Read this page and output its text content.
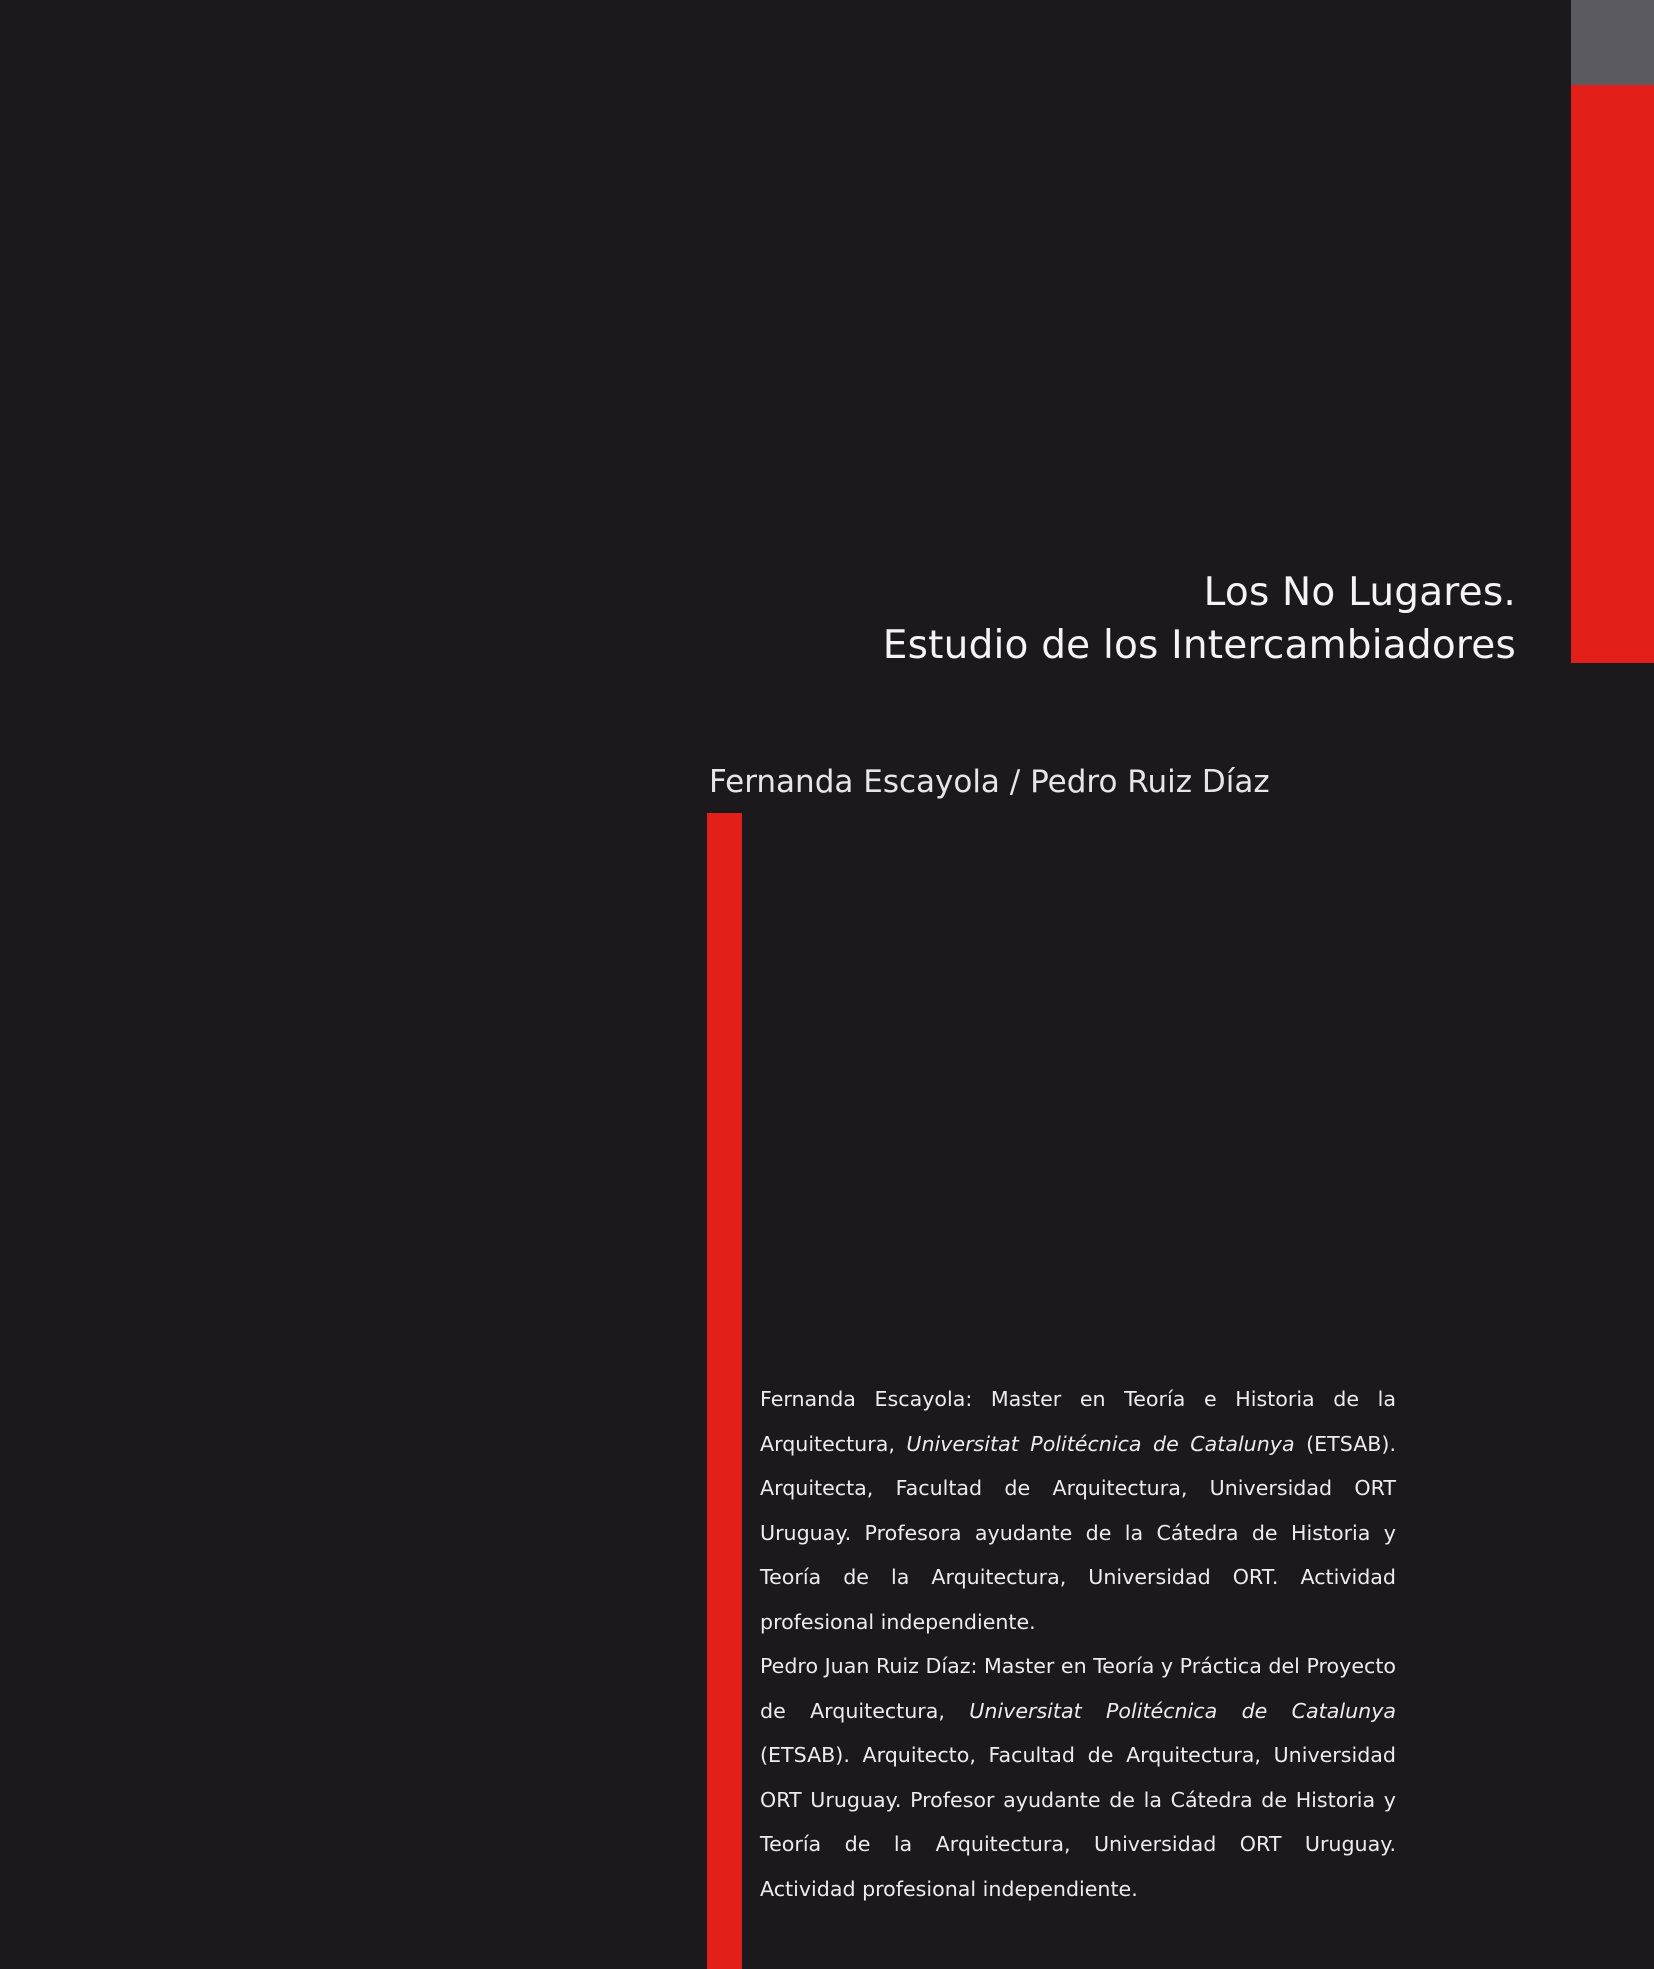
Los No Lugares.
Estudio de los Intercambiadores

Fernanda Escayola / Pedro Ruiz Díaz

Fernanda Escayola: Master en Teoría e Historia de la Arquitectura, Universitat Politécnica de Catalunya (ETSAB). Arquitecta, Facultad de Arquitectura, Universidad ORT Uruguay. Profesora ayudante de la Cátedra de Historia y Teoría de la Arquitectura, Universidad ORT. Actividad profesional independiente.

Pedro Juan Ruiz Díaz: Master en Teoría y Práctica del Proyecto de Arquitectura, Universitat Politécnica de Catalunya (ETSAB). Arquitecto, Facultad de Arquitectura, Universidad ORT Uruguay. Profesor ayudante de la Cátedra de Historia y Teoría de la Arquitectura, Universidad ORT Uruguay. Actividad profesional independiente.
